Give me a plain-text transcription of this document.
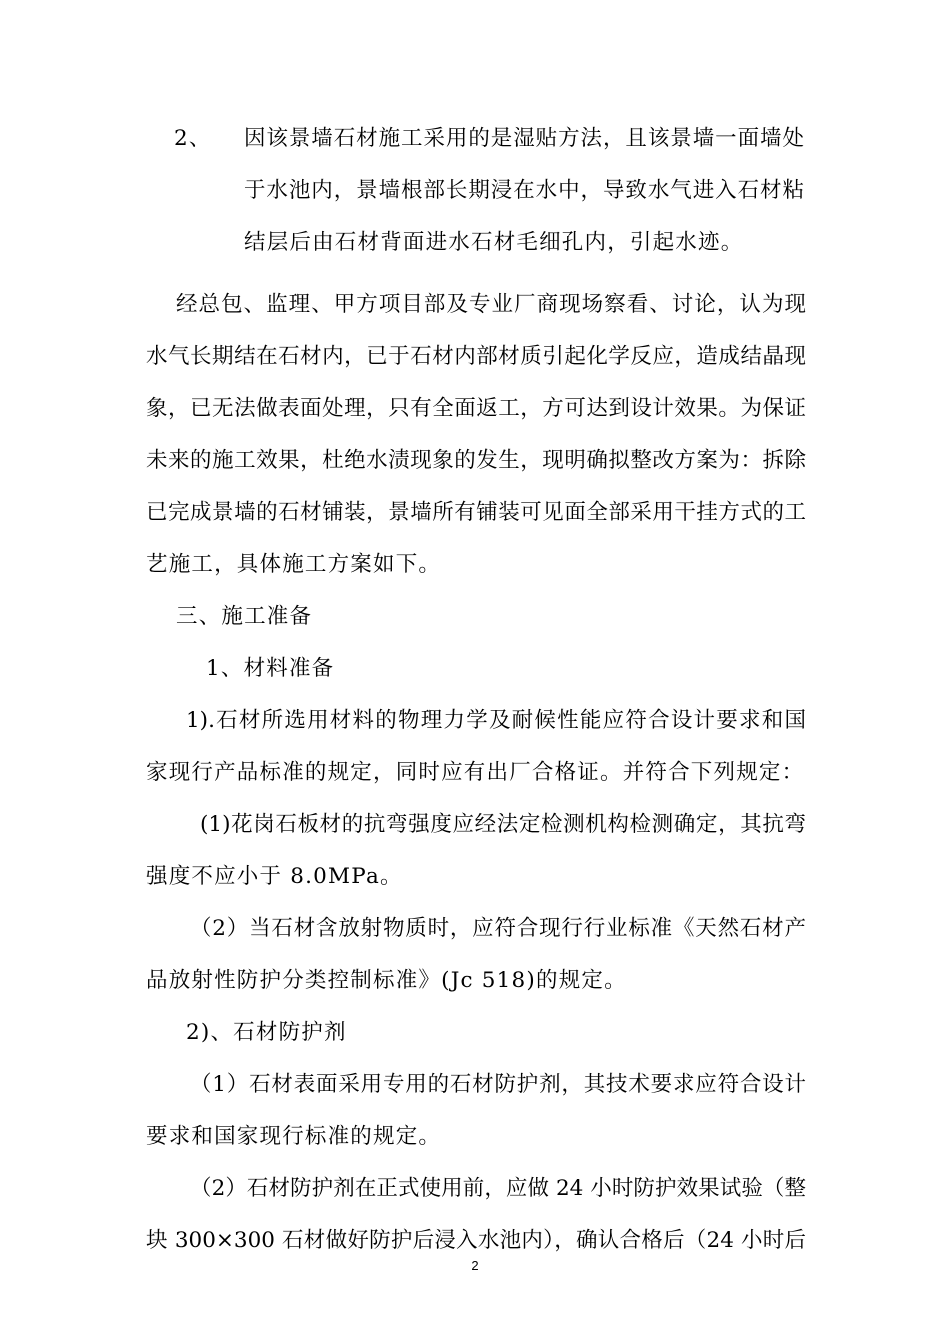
2、 因该景墙石材施工采用的是湿贴方法，且该景墙一面墙处

于水池内，景墙根部长期浸在水中，导致水气进入石材粘

结层后由石材背面进水石材毛细孔内，引起水迹。

经总包、监理、甲方项目部及专业厂商现场察看、讨论，认为现

水气长期结在石材内，已于石材内部材质引起化学反应，造成结晶现

象，已无法做表面处理，只有全面返工，方可达到设计效果。为保证

未来的施工效果，杜绝水渍现象的发生，现明确拟整改方案为：拆除

已完成景墙的石材铺装，景墙所有铺装可见面全部采用干挂方式的工

艺施工，具体施工方案如下。

三、施工准备

1、材料准备

1).石材所选用材料的物理力学及耐候性能应符合设计要求和国

家现行产品标准的规定，同时应有出厂合格证。并符合下列规定：

(1)花岗石板材的抗弯强度应经法定检测机构检测确定，其抗弯

强度不应小于 8.0MPa。

（2）当石材含放射物质时，应符合现行行业标准《天然石材产

品放射性防护分类控制标准》(Jc 518)的规定。

2)、石材防护剂

（1）石材表面采用专用的石材防护剂，其技术要求应符合设计

要求和国家现行标准的规定。

（2）石材防护剂在正式使用前，应做 24 小时防护效果试验（整

块 300×300 石材做好防护后浸入水池内），确认合格后（24 小时后

2
